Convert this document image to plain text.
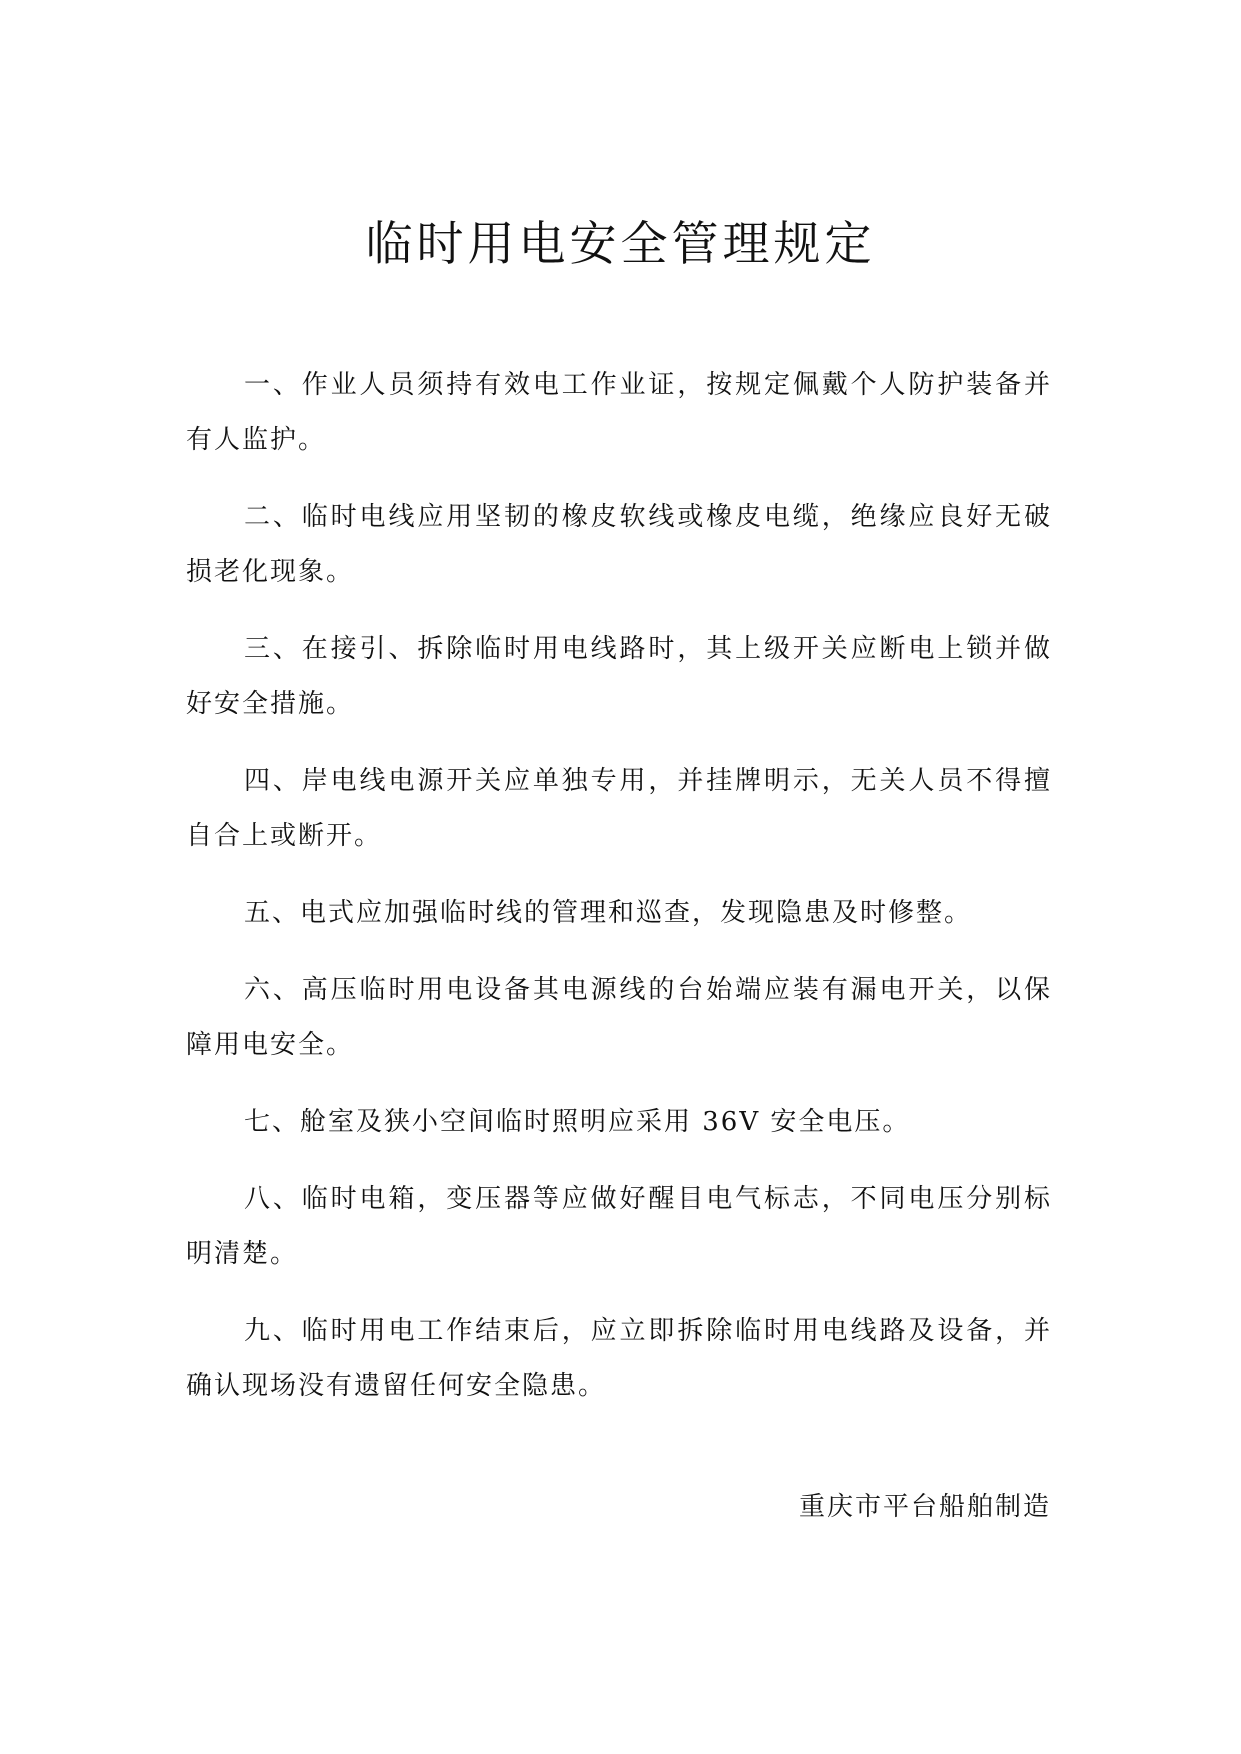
临时用电安全管理规定

一、作业人员须持有效电工作业证，按规定佩戴个人防护装备并有人监护。

二、临时电线应用坚韧的橡皮软线或橡皮电缆，绝缘应良好无破损老化现象。

三、在接引、拆除临时用电线路时，其上级开关应断电上锁并做好安全措施。

四、岸电线电源开关应单独专用，并挂牌明示，无关人员不得擅自合上或断开。

五、电式应加强临时线的管理和巡查，发现隐患及时修整。

六、高压临时用电设备其电源线的台始端应装有漏电开关，以保障用电安全。

七、舱室及狭小空间临时照明应采用 36V 安全电压。

八、临时电箱，变压器等应做好醒目电气标志，不同电压分别标明清楚。

九、临时用电工作结束后，应立即拆除临时用电线路及设备，并确认现场没有遗留任何安全隐患。

重庆市平台船舶制造
